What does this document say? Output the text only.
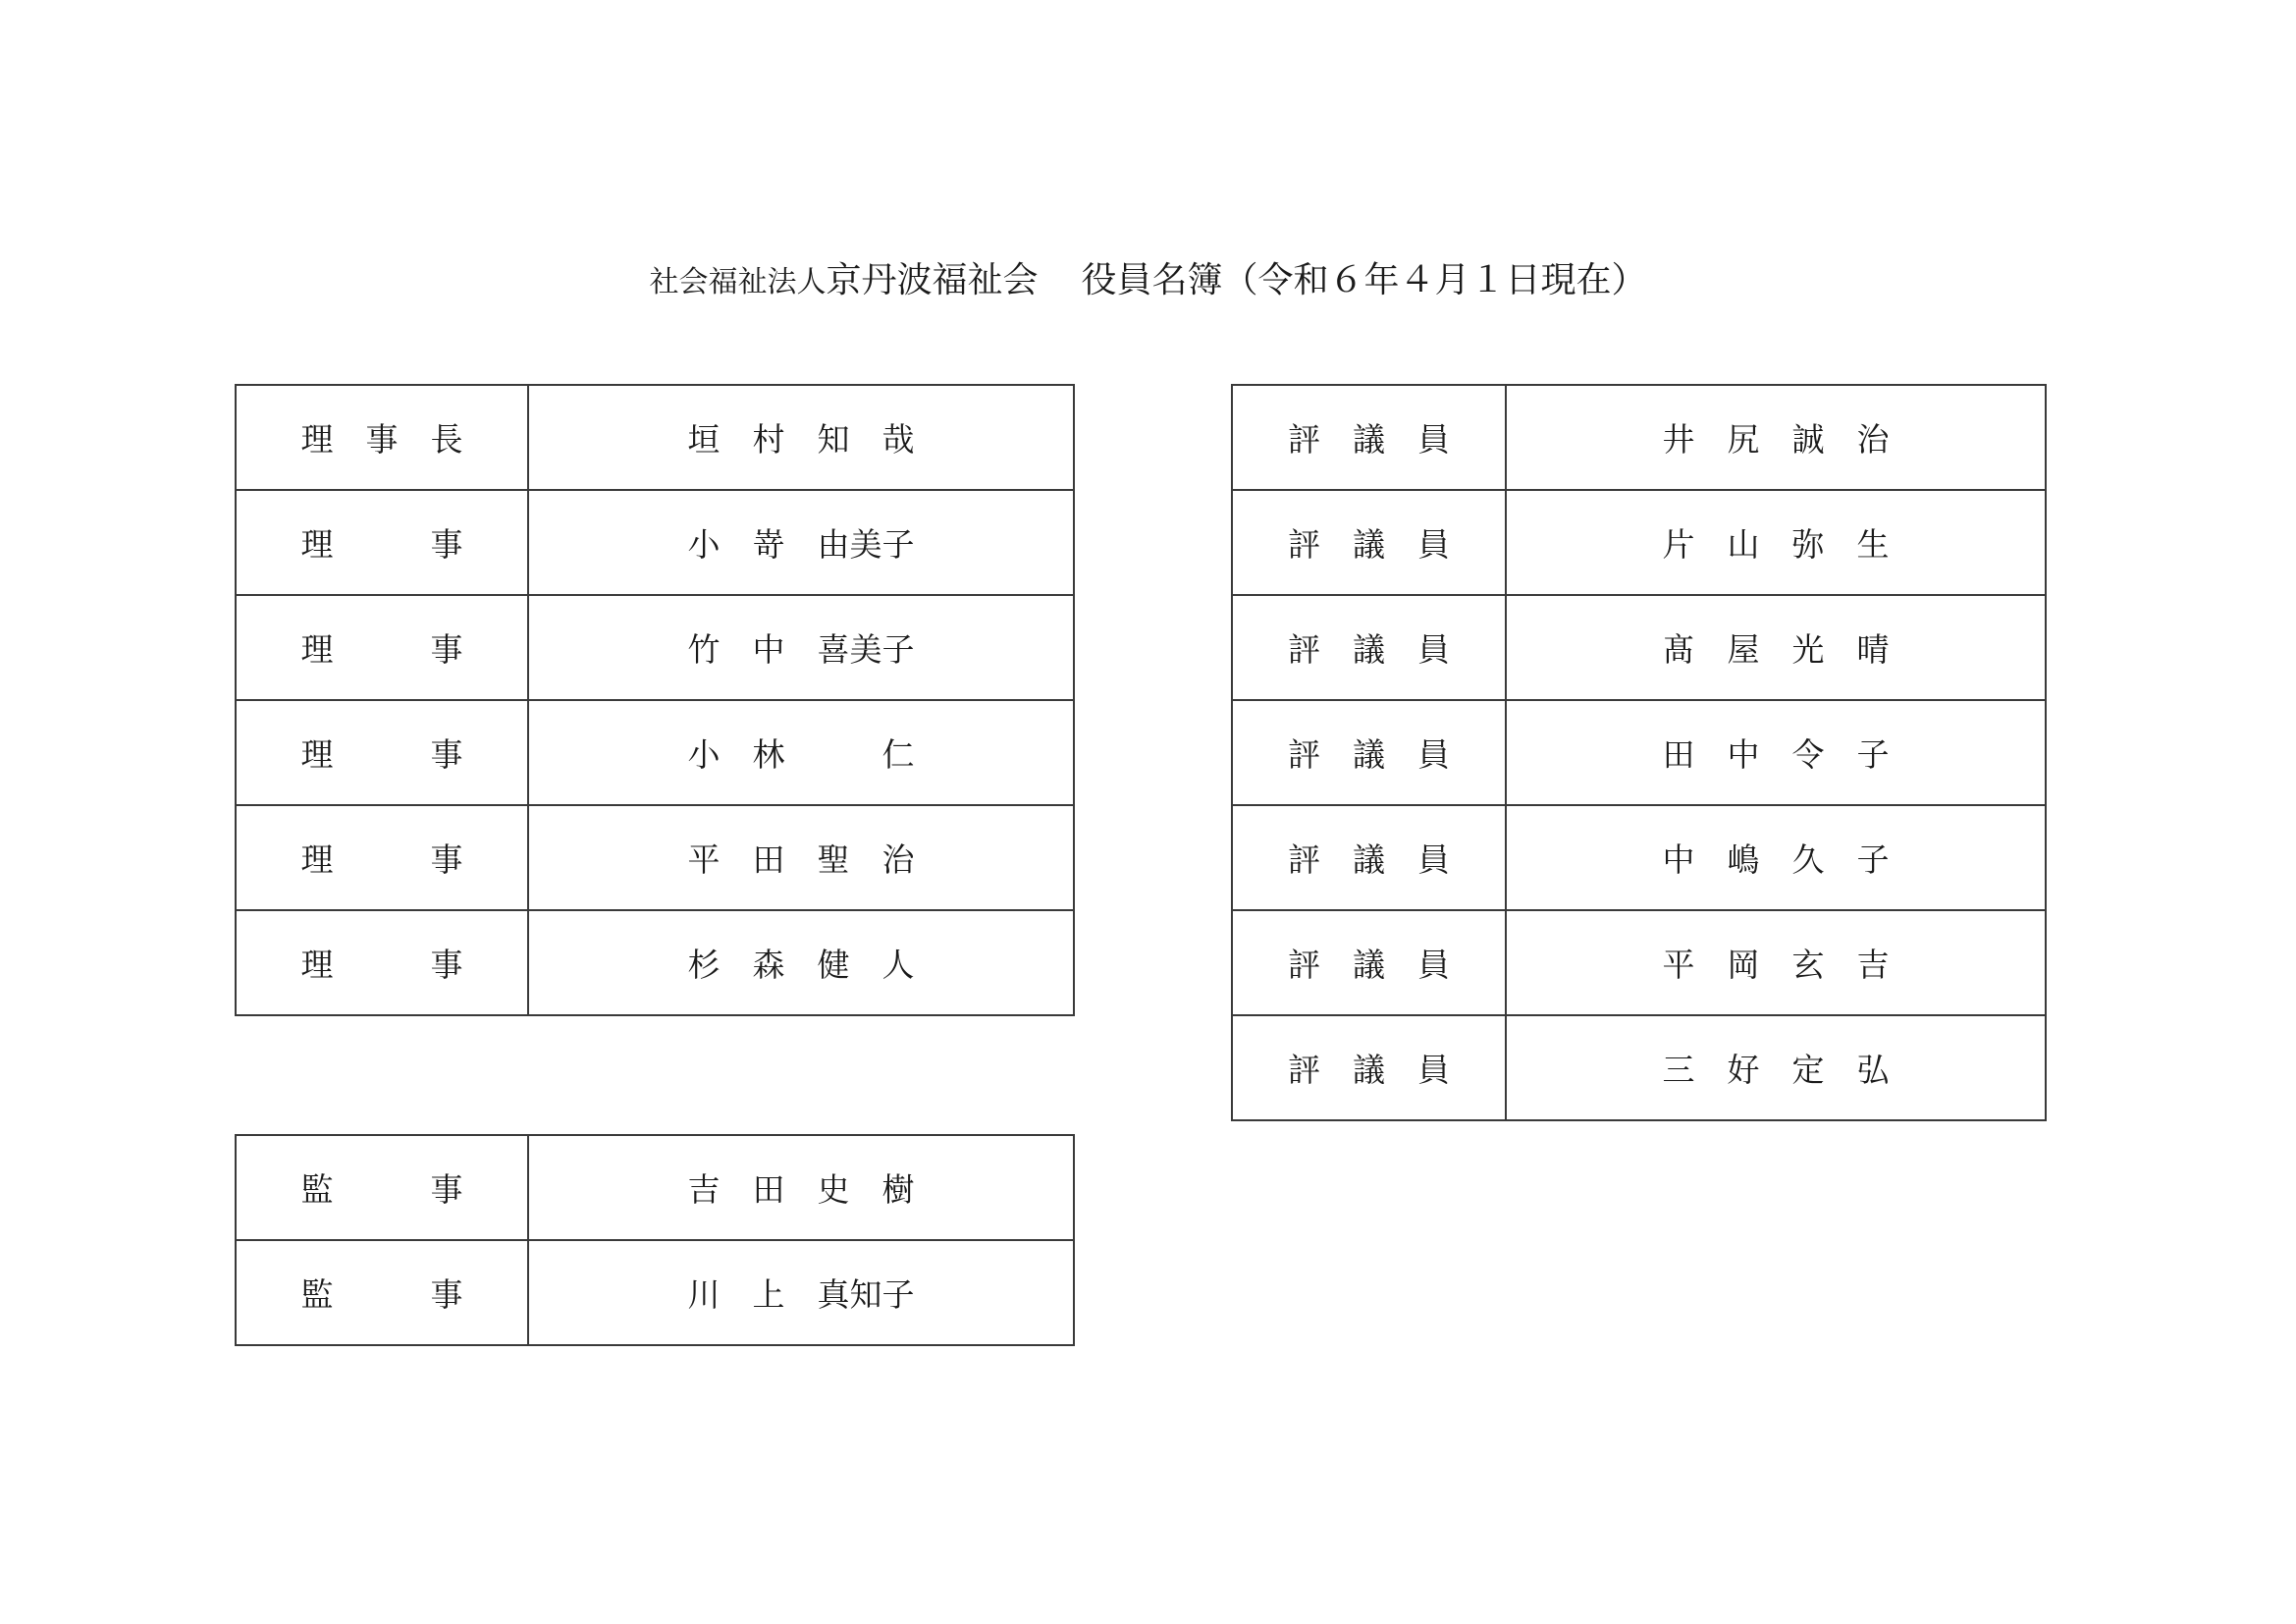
社会福祉法人京丹波福祉会 役員名簿（令和６年４月１日現在）
理　事　長	垣　村　知　哉
理　　　事	小　嵜　由美子
理　　　事	竹　中　喜美子
理　　　事	小　林　　　仁
理　　　事	平　田　聖　治
理　　　事	杉　森　健　人
監　　　事	吉　田　史　樹
監　　　事	川　上　真知子
評　議　員	井　尻　誠　治
評　議　員	片　山　弥　生
評　議　員	髙　屋　光　晴
評　議　員	田　中　令　子
評　議　員	中　嶋　久　子
評　議　員	平　岡　玄　吉
評　議　員	三　好　定　弘
